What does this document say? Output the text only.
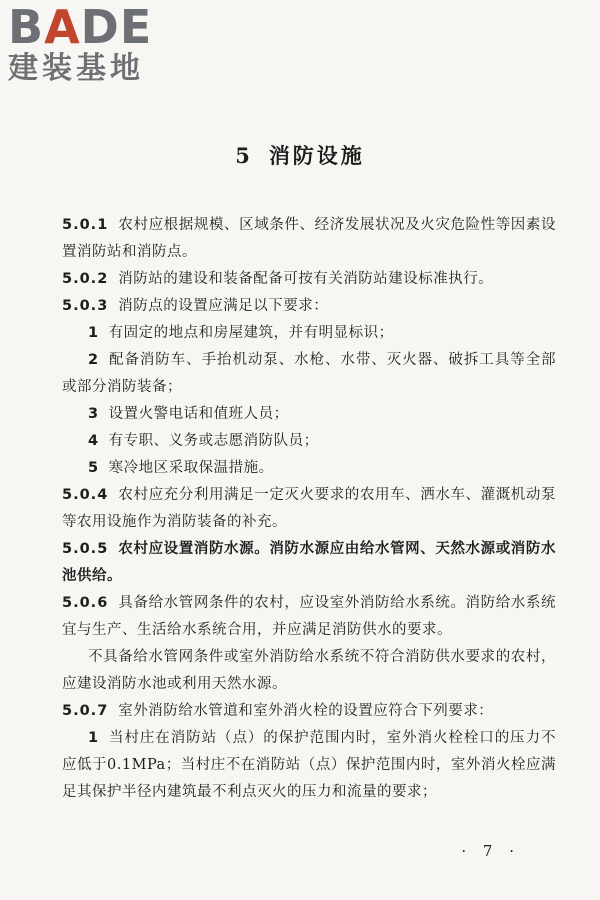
BADE
建装基地
5 消防设施

5.0.1 农村应根据规模、区域条件、经济发展状况及火灾危险性等因素设置消防站和消防点。

5.0.2 消防站的建设和装备配备可按有关消防站建设标准执行。

5.0.3 消防点的设置应满足以下要求：

1 有固定的地点和房屋建筑，并有明显标识；

2 配备消防车、手抬机动泵、水枪、水带、灭火器、破拆工具等全部或部分消防装备；

3 设置火警电话和值班人员；

4 有专职、义务或志愿消防队员；

5 寒冷地区采取保温措施。

5.0.4 农村应充分利用满足一定灭火要求的农用车、洒水车、灌溉机动泵等农用设施作为消防装备的补充。

5.0.5 农村应设置消防水源。消防水源应由给水管网、天然水源或消防水池供给。

5.0.6 具备给水管网条件的农村，应设室外消防给水系统。消防给水系统宜与生产、生活给水系统合用，并应满足消防供水的要求。

不具备给水管网条件或室外消防给水系统不符合消防供水要求的农村，应建设消防水池或利用天然水源。

5.0.7 室外消防给水管道和室外消火栓的设置应符合下列要求：

1 当村庄在消防站（点）的保护范围内时，室外消火栓栓口的压力不应低于0.1MPa；当村庄不在消防站（点）保护范围内时，室外消火栓应满足其保护半径内建筑最不利点灭火的压力和流量的要求；

· 7 ·
